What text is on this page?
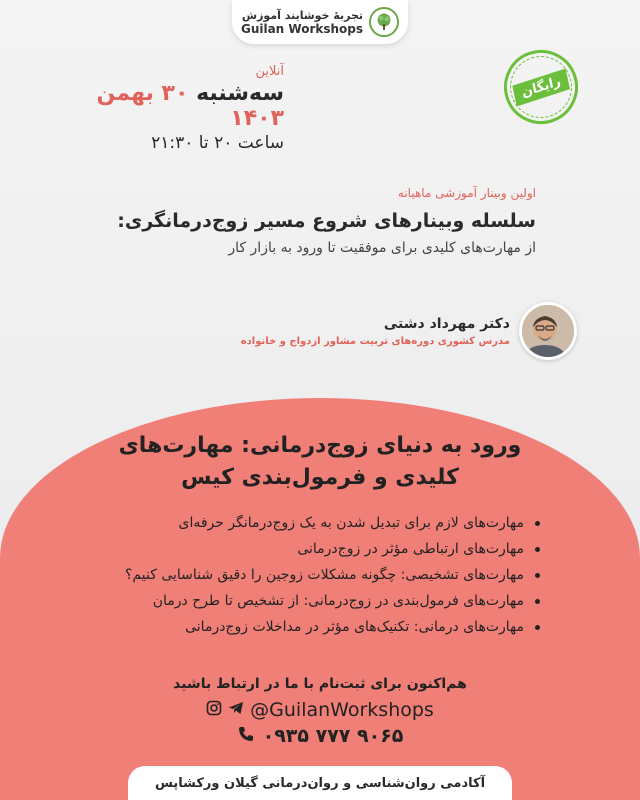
تجربهٔ خوشایند آموزش
Guilan Workshops
رایگان
آنلاین
سه‌شنبه ۳۰ بهمن ۱۴۰۳
ساعت ۲۰ تا ۲۱:۳۰
اولین وبینار آموزشی ماهیانه
سلسله وبینارهای شروع مسیر زوج‌درمانگری:
از مهارت‌های کلیدی برای موفقیت تا ورود به بازار کار
دکتر مهرداد دشتی
مدرس کشوری دوره‌های تربیت مشاور ازدواج و خانواده
ورود به دنیای زوج‌درمانی: مهارت‌های
کلیدی و فرمول‌بندی کیس
مهارت‌های لازم برای تبدیل شدن به یک زوج‌درمانگر حرفه‌ای
مهارت‌های ارتباطی مؤثر در زوج‌درمانی
مهارت‌های تشخیصی: چگونه مشکلات زوجین را دقیق شناسایی کنیم؟
مهارت‌های فرمول‌بندی در زوج‌درمانی: از تشخیص تا طرح درمان
مهارت‌های درمانی: تکنیک‌های مؤثر در مداخلات زوج‌درمانی
هم‌اکنون برای ثبت‌نام با ما در ارتباط باشید
@GuilanWorkshops
۰۹۳۵ ۷۷۷ ۹۰۶۵
آکادمی روان‌شناسی و روان‌درمانی گیلان ورکشاپس
